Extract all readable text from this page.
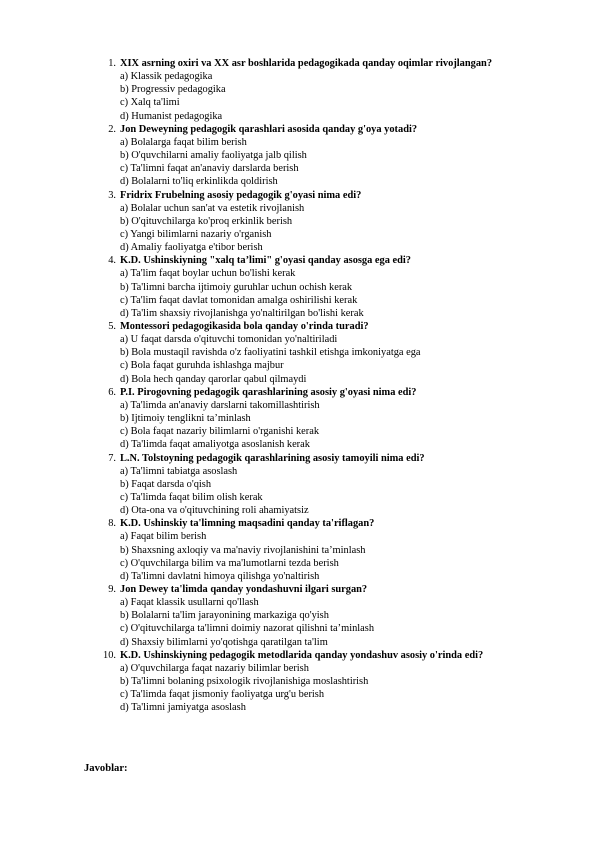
1. XIX asrning oxiri va XX asr boshlarida pedagogikada qanday oqimlar rivojlangan?
a) Klassik pedagogika
b) Progressiv pedagogika
c) Xalq ta'limi
d) Humanist pedagogika
2. Jon Deweyning pedagogik qarashlari asosida qanday g'oya yotadi?
a) Bolalarga faqat bilim berish
b) O'quvchilarni amaliy faoliyatga jalb qilish
c) Ta'limni faqat an'anaviy darslarda berish
d) Bolalarni to'liq erkinlikda qoldirish
3. Fridrix Frubelning asosiy pedagogik g'oyasi nima edi?
a) Bolalar uchun san'at va estetik rivojlanish
b) O'qituvchilarga ko'proq erkinlik berish
c) Yangi bilimlarni nazariy o'rganish
d) Amaliy faoliyatga e'tibor berish
4. K.D. Ushinskiyning "xalq ta’limi" g'oyasi qanday asosga ega edi?
a) Ta'lim faqat boylar uchun bo'lishi kerak
b) Ta'limni barcha ijtimoiy guruhlar uchun ochish kerak
c) Ta'lim faqat davlat tomonidan amalga oshirilishi kerak
d) Ta'lim shaxsiy rivojlanishga yo'naltirilgan bo'lishi kerak
5. Montessori pedagogikasida bola qanday o'rinda turadi?
a) U faqat darsda o'qituvchi tomonidan yo'naltiriladi
b) Bola mustaqil ravishda o'z faoliyatini tashkil etishga imkoniyatga ega
c) Bola faqat guruhda ishlashga majbur
d) Bola hech qanday qarorlar qabul qilmaydi
6. P.I. Pirogovning pedagogik qarashlarining asosiy g'oyasi nima edi?
a) Ta'limda an'anaviy darslarni takomillashtirish
b) Ijtimoiy tenglikni ta’minlash
c) Bola faqat nazariy bilimlarni o'rganishi kerak
d) Ta'limda faqat amaliyotga asoslanish kerak
7. L.N. Tolstoyning pedagogik qarashlarining asosiy tamoyili nima edi?
a) Ta'limni tabiatga asoslash
b) Faqat darsda o'qish
c) Ta'limda faqat bilim olish kerak
d) Ota-ona va o'qituvchining roli ahamiyatsiz
8. K.D. Ushinskiy ta'limning maqsadini qanday ta'riflagan?
a) Faqat bilim berish
b) Shaxsning axloqiy va ma'naviy rivojlanishini ta’minlash
c) O'quvchilarga bilim va ma'lumotlarni tezda berish
d) Ta'limni davlatni himoya qilishga yo'naltirish
9. Jon Dewey ta'limda qanday yondashuvni ilgari surgan?
a) Faqat klassik usullarni qo'llash
b) Bolalarni ta'lim jarayonining markaziga qo'yish
c) O'qituvchilarga ta'limni doimiy nazorat qilishni ta’minlash
d) Shaxsiy bilimlarni yo'qotishga qaratilgan ta'lim
10. K.D. Ushinskiyning pedagogik metodlarida qanday yondashuv asosiy o'rinda edi?
a) O'quvchilarga faqat nazariy bilimlar berish
b) Ta'limni bolaning psixologik rivojlanishiga moslashtirish
c) Ta'limda faqat jismoniy faoliyatga urg'u berish
d) Ta'limni jamiyatga asoslash
Javoblar:
